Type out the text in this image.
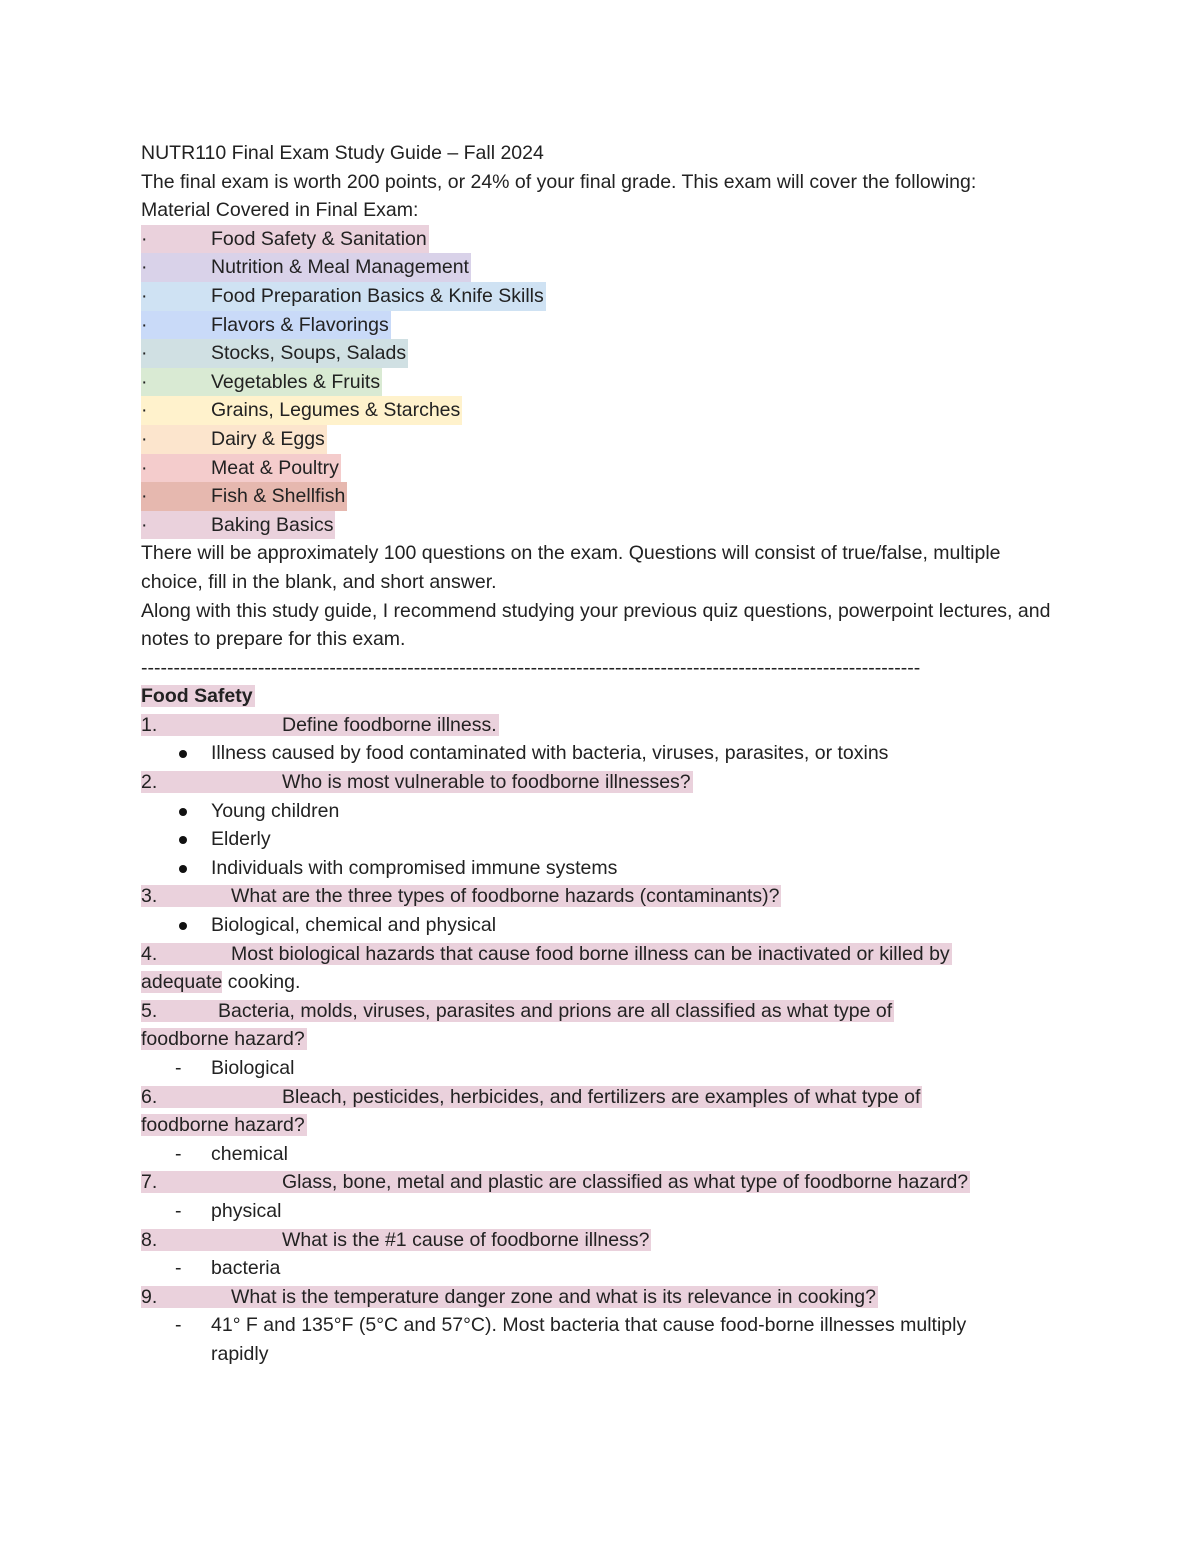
NUTR110 Final Exam Study Guide – Fall 2024
The final exam is worth 200 points, or 24% of your final grade. This exam will cover the following:
Material Covered in Final Exam:
·	Food Safety & Sanitation
·	Nutrition & Meal Management
·	Food Preparation Basics & Knife Skills
·	Flavors & Flavorings
·	Stocks, Soups, Salads
·	Vegetables & Fruits
·	Grains, Legumes & Starches
·	Dairy & Eggs
·	Meat & Poultry
·	Fish & Shellfish
·	Baking Basics
There will be approximately 100 questions on the exam. Questions will consist of true/false, multiple choice, fill in the blank, and short answer.
Along with this study guide, I recommend studying your previous quiz questions, powerpoint lectures, and notes to prepare for this exam.
------------------------------------------------------------------------------------------------------------------------
Food Safety
1.	Define foodborne illness.
Illness caused by food contaminated with bacteria, viruses, parasites, or toxins
2.	Who is most vulnerable to foodborne illnesses?
Young children
Elderly
Individuals with compromised immune systems
3.	What are the three types of foodborne hazards (contaminants)?
Biological, chemical and physical
4.	Most biological hazards that cause food borne illness can be inactivated or killed by
adequate cooking.
5.	Bacteria, molds, viruses, parasites and prions are all classified as what type of
foodborne hazard?
- Biological
6.	Bleach, pesticides, herbicides, and fertilizers are examples of what type of
foodborne hazard?
- chemical
7.	Glass, bone, metal and plastic are classified as what type of foodborne hazard?
- physical
8.	What is the #1 cause of foodborne illness?
- bacteria
9.	What is the temperature danger zone and what is its relevance in cooking?
- 41° F and 135°F (5°C and 57°C). Most bacteria that cause food-borne illnesses multiply
rapidly
